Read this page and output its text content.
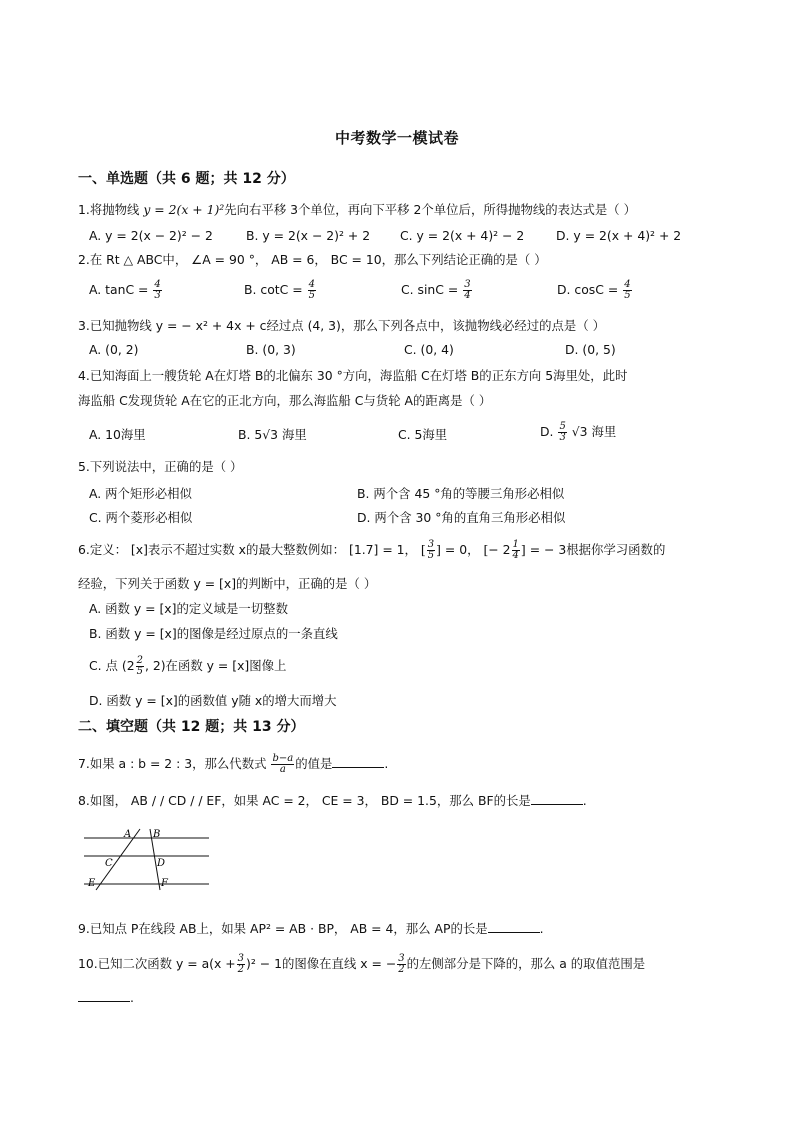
中考数学一模试卷
一、单选题（共 6 题；共 12 分）
1.将抛物线 y = 2(x + 1)²先向右平移 3个单位，再向下平移 2个单位后，所得抛物线的表达式是（ ）
A. y = 2(x − 2)² − 2	B. y = 2(x − 2)² + 2 C. y = 2(x + 4)² − 2	D. y = 2(x + 4)² + 2
2.在 Rt △ ABC中， ∠A = 90 °， AB = 6， BC = 10，那么下列结论正确的是（ ）
A. $\tan C = \frac{4}{3}$	B. $\cot C = \frac{4}{5}$	C. $\sin C = \frac{3}{4}$	D. $\cos C = \frac{4}{5}$
3.已知抛物线 y = − x² + 4x + c经过点 (4, 3)，那么下列各点中，该抛物线必经过的点是（ ）
A. (0, 2)	B. (0, 3)	C. (0, 4)	D. (0, 5)
4.已知海面上一艘货轮 A在灯塔 B的北偏东 30 °方向，海监船 C在灯塔 B的正东方向 5海里处，此时
海监船 C发现货轮 A在它的正北方向，那么海监船 C与货轮 A的距离是（ ）
A. 10海里	B. 5√3 海里	C. 5海里	D. $\frac{5}{3} √3$ 海里
5.下列说法中，正确的是（ ）
A. 两个矩形必相似	B. 两个含 45 °角的等腰三角形必相似
C. 两个菱形必相似	D. 两个含 30 °角的直角三角形必相似
6.定义： [x]表示不超过实数 x的最大整数例如： [1.7] = 1， [ $\frac{3}{5}$ ] = 0， [− $2 \frac{1}{4}$ ] = − 3根据你学习函数的
经验，下列关于函数 y = [x]的判断中，正确的是（ ）
A. 函数 y = [x]的定义域是一切整数
B. 函数 y = [x]的图像是经过原点的一条直线
C. 点 ($2 \frac{2}{5}$ , 2)在函数 y = [x]图像上
D. 函数 y = [x]的函数值 y随 x的增大而增大
二、填空题（共 12 题；共 13 分）
7.如果 a : b = 2 : 3，那么代数式 $\frac{b-a}{a}$ 的值是	.
8.如图， AB / / CD / / EF，如果 AC = 2， CE = 3， BD = 1.5，那么 BF的长是	.
A B
C	D
E	F
9.已知点 P在线段 AB上，如果 AP² = AB · BP， AB = 4，那么 AP的长是	.
10.已知二次函数 $y = a(x + \frac{3}{2} )^2 - 1$的图像在直线 x = − $\frac{3}{2}$ 的左侧部分是下降的，那么 a 的取值范围是
.
